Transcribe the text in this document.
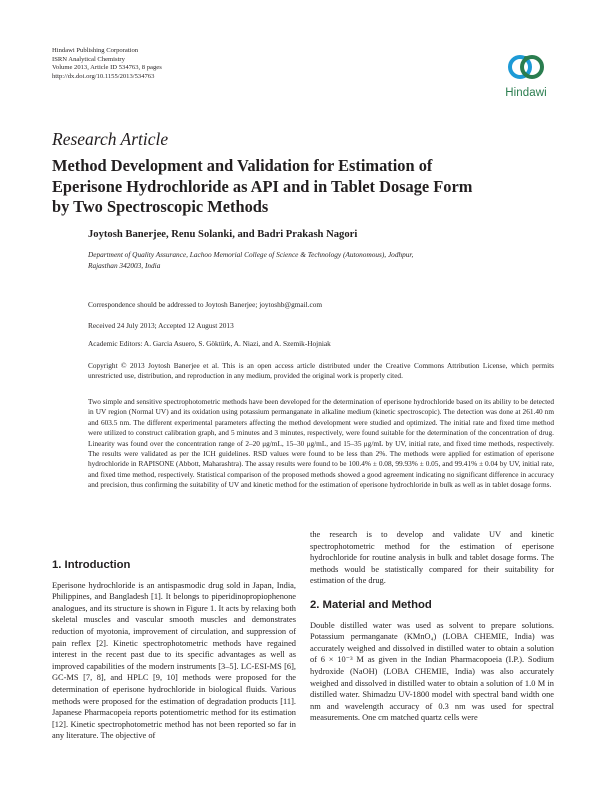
Hindawi Publishing Corporation
ISRN Analytical Chemistry
Volume 2013, Article ID 534763, 8 pages
http://dx.doi.org/10.1155/2013/534763
Hindawi
Research Article
Method Development and Validation for Estimation of
Eperisone Hydrochloride as API and in Tablet Dosage Form
by Two Spectroscopic Methods
Joytosh Banerjee, Renu Solanki, and Badri Prakash Nagori
Department of Quality Assurance, Lachoo Memorial College of Science & Technology (Autonomous), Jodhpur,
Rajasthan 342003, India
Correspondence should be addressed to Joytosh Banerjee; joytoshb@gmail.com
Received 24 July 2013; Accepted 12 August 2013
Academic Editors: A. Garcia Asuero, S. Göktürk, A. Niazi, and A. Szemik-Hojniak
Copyright © 2013 Joytosh Banerjee et al. This is an open access article distributed under the Creative Commons Attribution License, which permits unrestricted use, distribution, and reproduction in any medium, provided the original work is properly cited.
Two simple and sensitive spectrophotometric methods have been developed for the determination of eperisone hydrochloride based on its ability to be detected in UV region (Normal UV) and its oxidation using potassium permanganate in alkaline medium (kinetic spectroscopic). The detection was done at 261.40 nm and 603.5 nm. The different experimental parameters affecting the method development were studied and optimized. The initial rate and fixed time method were utilized to construct calibration graph, and 5 minutes and 3 minutes, respectively, were found suitable for the determination of the concentration of drug. Linearity was found over the concentration range of 2–20 μg/mL, 15–30 μg/mL, and 15–35 μg/mL by UV, initial rate, and fixed time methods, respectively. The results were validated as per the ICH guidelines. RSD values were found to be less than 2%. The methods were applied for estimation of eperisone hydrochloride in RAPISONE (Abbott, Maharashtra). The assay results were found to be 100.4% ± 0.08, 99.93% ± 0.05, and 99.41% ± 0.04 by UV, initial rate, and fixed time method, respectively. Statistical comparison of the proposed methods showed a good agreement indicating no significant difference in accuracy and precision, thus confirming the suitability of UV and kinetic method for the estimation of eperisone hydrochloride in bulk as well as in tablet dosage forms.
1. Introduction

Eperisone hydrochloride is an antispasmodic drug sold in Japan, India, Philippines, and Bangladesh [1]. It belongs to piperidinopropiophenone analogues, and its structure is shown in Figure 1. It acts by relaxing both skeletal muscles and vascular smooth muscles and demonstrates reduction of myotonia, improvement of circulation, and suppression of pain reflex [2]. Kinetic spectrophotometric methods have regained interest in the recent past due to its specific advantages as well as improved capabilities of the modern instruments [3–5]. LC-ESI-MS [6], GC-MS [7, 8], and HPLC [9, 10] methods were proposed for the determination of eperisone hydrochloride in biological fluids. Various methods were proposed for the estimation of degradation products [11]. Japanese Pharmacopeia reports potentiometric method for its estimation [12]. Kinetic spectrophotometric method has not been reported so far in any literature. The objective of

the research is to develop and validate UV and kinetic spectrophotometric method for the estimation of eperisone hydrochloride for routine analysis in bulk and tablet dosage forms. The methods would be statistically compared for their suitability for estimation of the drug.

2. Material and Method

Double distilled water was used as solvent to prepare solutions. Potassium permanganate (KMnO₄) (LOBA CHEMIE, India) was accurately weighed and dissolved in distilled water to obtain a solution of 6 × 10⁻³ M as given in the Indian Pharmacopoeia (I.P.). Sodium hydroxide (NaOH) (LOBA CHEMIE, India) was also accurately weighed and dissolved in distilled water to obtain a solution of 1.0 M in distilled water. Shimadzu UV-1800 model with spectral band width one nm and wavelength accuracy of 0.3 nm was used for spectral measurements. One cm matched quartz cells were
